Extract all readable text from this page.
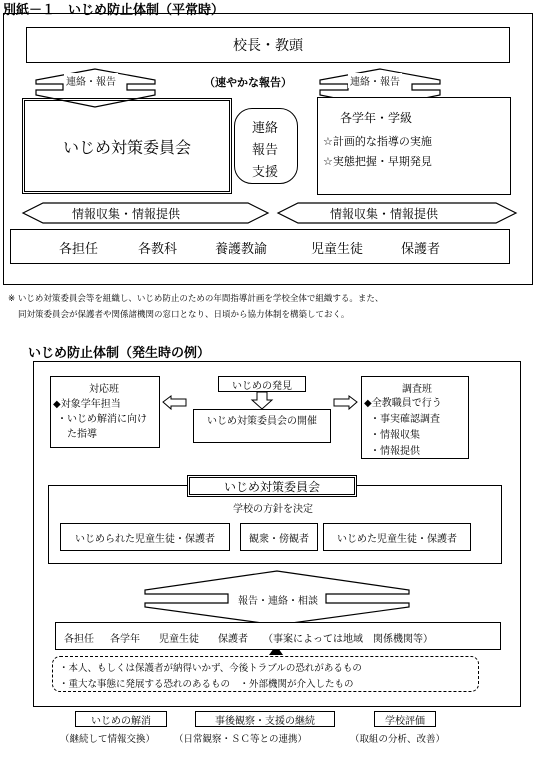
別紙－１　いじめ防止体制（平常時）
校長・教頭
連絡・報告	連絡・報告
（速やかな報告）
いじめ対策委員会
連絡
報告
支援
各学年・学級
☆計画的な指導の実施
☆実態把握・早期発見
情報収集・情報提供	情報収集・情報提供
各担任	各教科	養護教諭	児童生徒	保護者
※ いじめ対策委員会等を組織し、いじめ防止のための年間指導計画を学校全体で組織する。また、
同対策委員会が保護者や関係諸機関の窓口となり、日頃から協力体制を構築しておく。
いじめ防止体制（発生時の例）
対応班
◆対象学年担当
・いじめ解消に向け
た指導
いじめの発見
いじめ対策委員会の開催
調査班
◆全教職員で行う
・事実確認調査
・情報収集
・情報提供
いじめ対策委員会
学校の方針を決定
いじめられた児童生徒・保護者	観衆・傍観者	いじめた児童生徒・保護者
報告・連絡・相談
各担任 各学年 児童生徒 保護者 （事案によっては地域　関係機関等）
・本人、もしくは保護者が納得いかず、今後トラブルの恐れがあるもの
・重大な事態に発展する恐れのあるもの　・外部機関が介入したもの
いじめの解消	事後観察・支援の継続	学校評価
（継続して情報交換） （日常観察・ＳＣ等との連携）	（取組の分析、改善）
